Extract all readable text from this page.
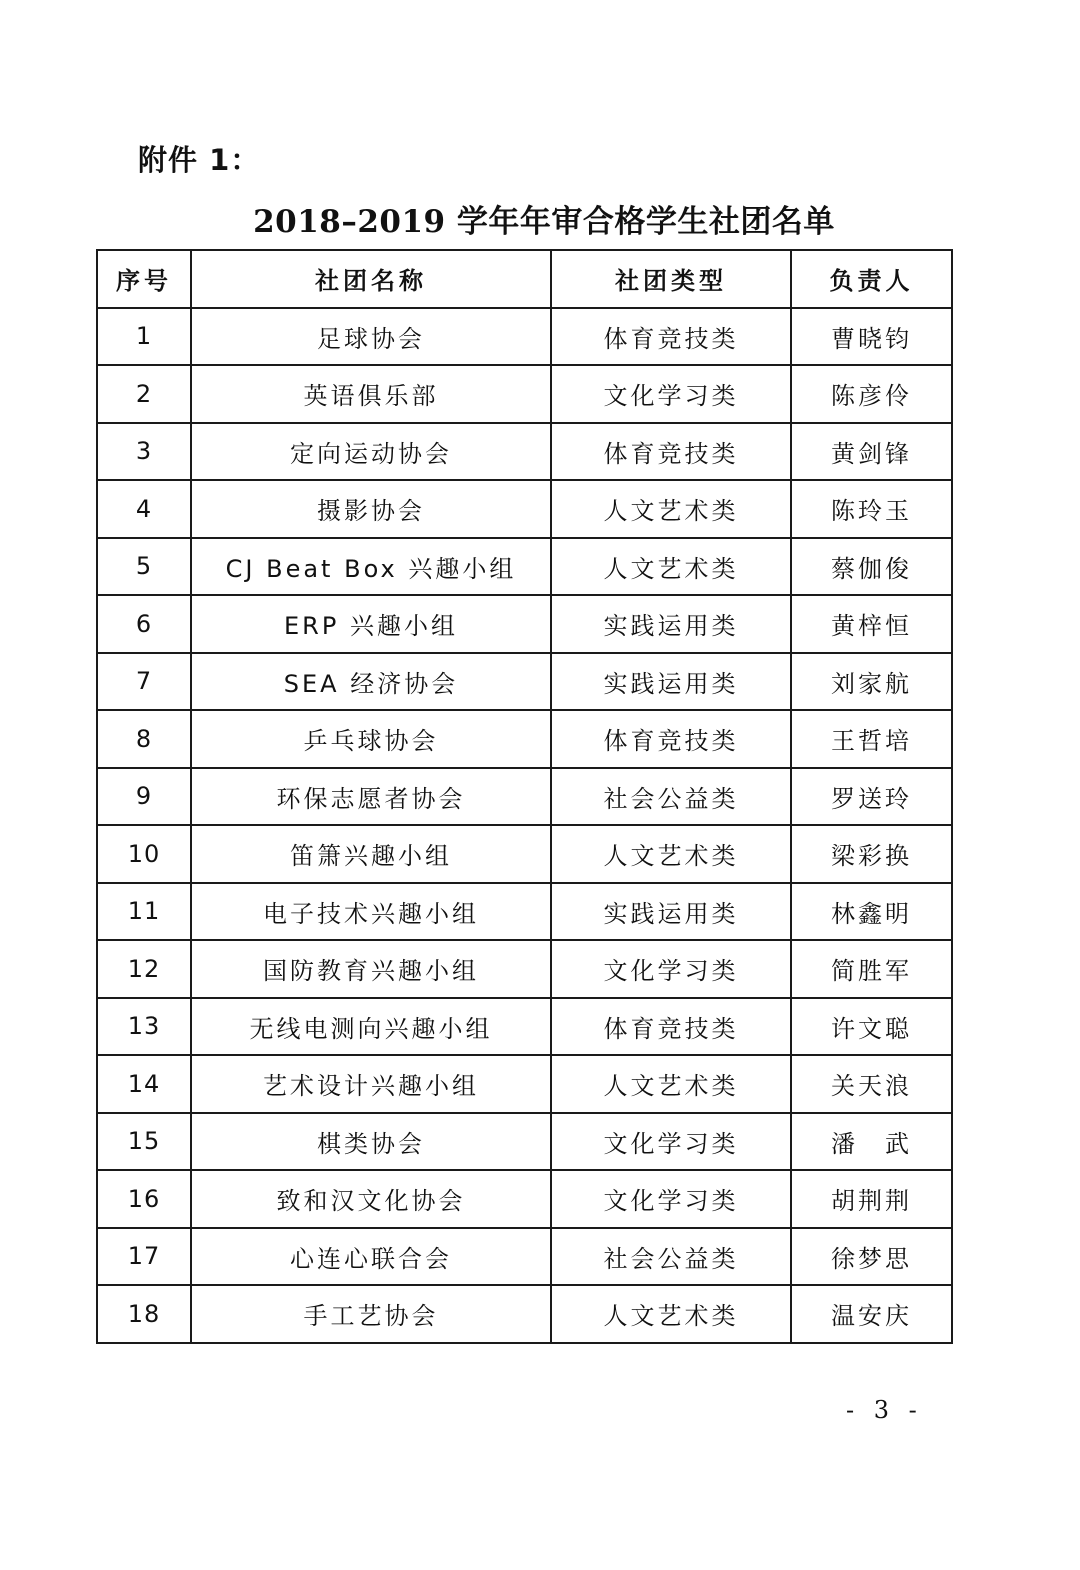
附件 1：
2018–2019 学年年审合格学生社团名单
序号	社团名称	社团类型	负责人
1	足球协会	体育竞技类	曹晓钧
2	英语俱乐部	文化学习类	陈彦伶
3	定向运动协会	体育竞技类	黄剑锋
4	摄影协会	人文艺术类	陈玲玉
5	CJ Beat Box 兴趣小组	人文艺术类	蔡伽俊
6	ERP 兴趣小组	实践运用类	黄梓恒
7	SEA 经济协会	实践运用类	刘家航
8	乒乓球协会	体育竞技类	王哲培
9	环保志愿者协会	社会公益类	罗送玲
10	笛箫兴趣小组	人文艺术类	梁彩换
11	电子技术兴趣小组	实践运用类	林鑫明
12	国防教育兴趣小组	文化学习类	简胜军
13	无线电测向兴趣小组	体育竞技类	许文聪
14	艺术设计兴趣小组	人文艺术类	关天浪
15	棋类协会	文化学习类	潘　武
16	致和汉文化协会	文化学习类	胡荆荆
17	心连心联合会	社会公益类	徐梦思
18	手工艺协会	人文艺术类	温安庆
- 3 -
